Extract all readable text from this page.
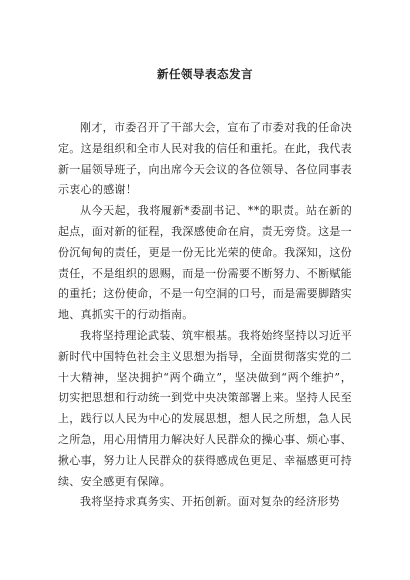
新任领导表态发言

刚才，市委召开了干部大会，宣布了市委对我的任命决定。这是组织和全市人民对我的信任和重托。在此，我代表新一届领导班子，向出席今天会议的各位领导、各位同事表示衷心的感谢！

从今天起，我将履新*委副书记、**的职责。站在新的起点，面对新的征程，我深感使命在肩，责无旁贷。这是一份沉甸甸的责任，更是一份无比光荣的使命。我深知，这份责任，不是组织的恩赐，而是一份需要不断努力、不断赋能的重托；这份使命，不是一句空洞的口号，而是需要脚踏实地、真抓实干的行动指南。

我将坚持理论武装、筑牢根基。我将始终坚持以习近平新时代中国特色社会主义思想为指导，全面贯彻落实党的二十大精神，坚决拥护“两个确立”，坚决做到“两个维护”，切实把思想和行动统一到党中央决策部署上来。坚持人民至上，践行以人民为中心的发展思想，想人民之所想，急人民之所急，用心用情用力解决好人民群众的操心事、烦心事、揪心事，努力让人民群众的获得感成色更足、幸福感更可持续、安全感更有保障。

我将坚持求真务实、开拓创新。面对复杂的经济形势
